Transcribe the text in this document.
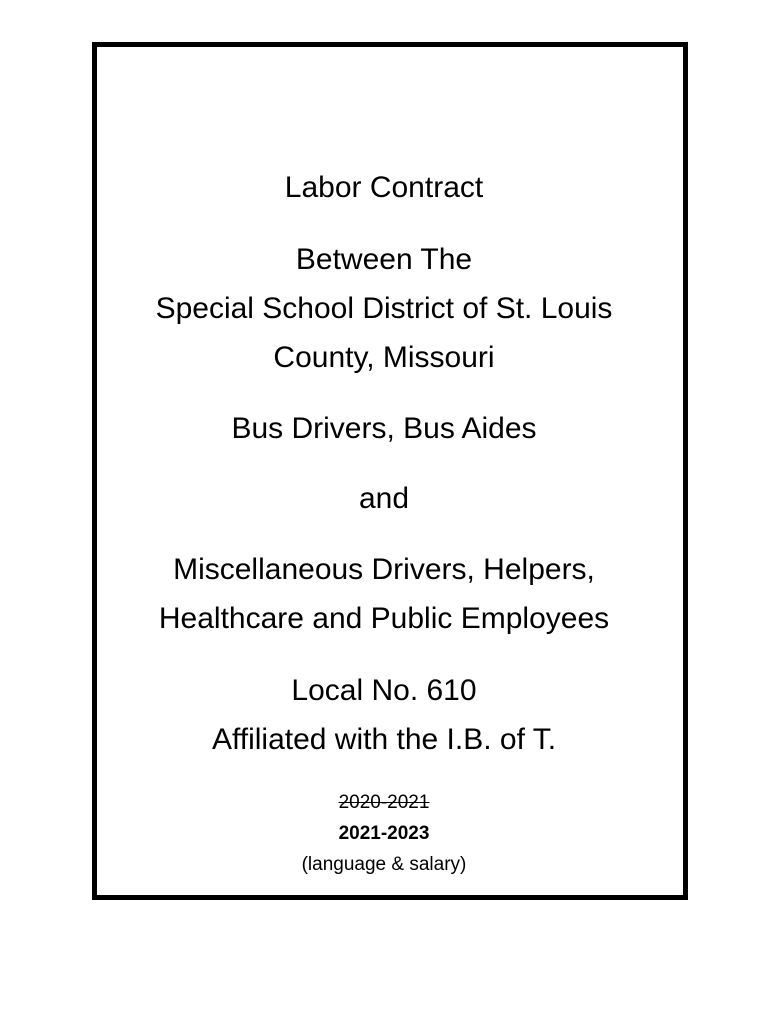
Labor Contract
Between The
Special School District of St. Louis
County, Missouri
Bus Drivers, Bus Aides
and
Miscellaneous Drivers, Helpers,
Healthcare and Public Employees
Local No. 610
Affiliated with the I.B. of T.
2020-2021
2021-2023
(language & salary)
